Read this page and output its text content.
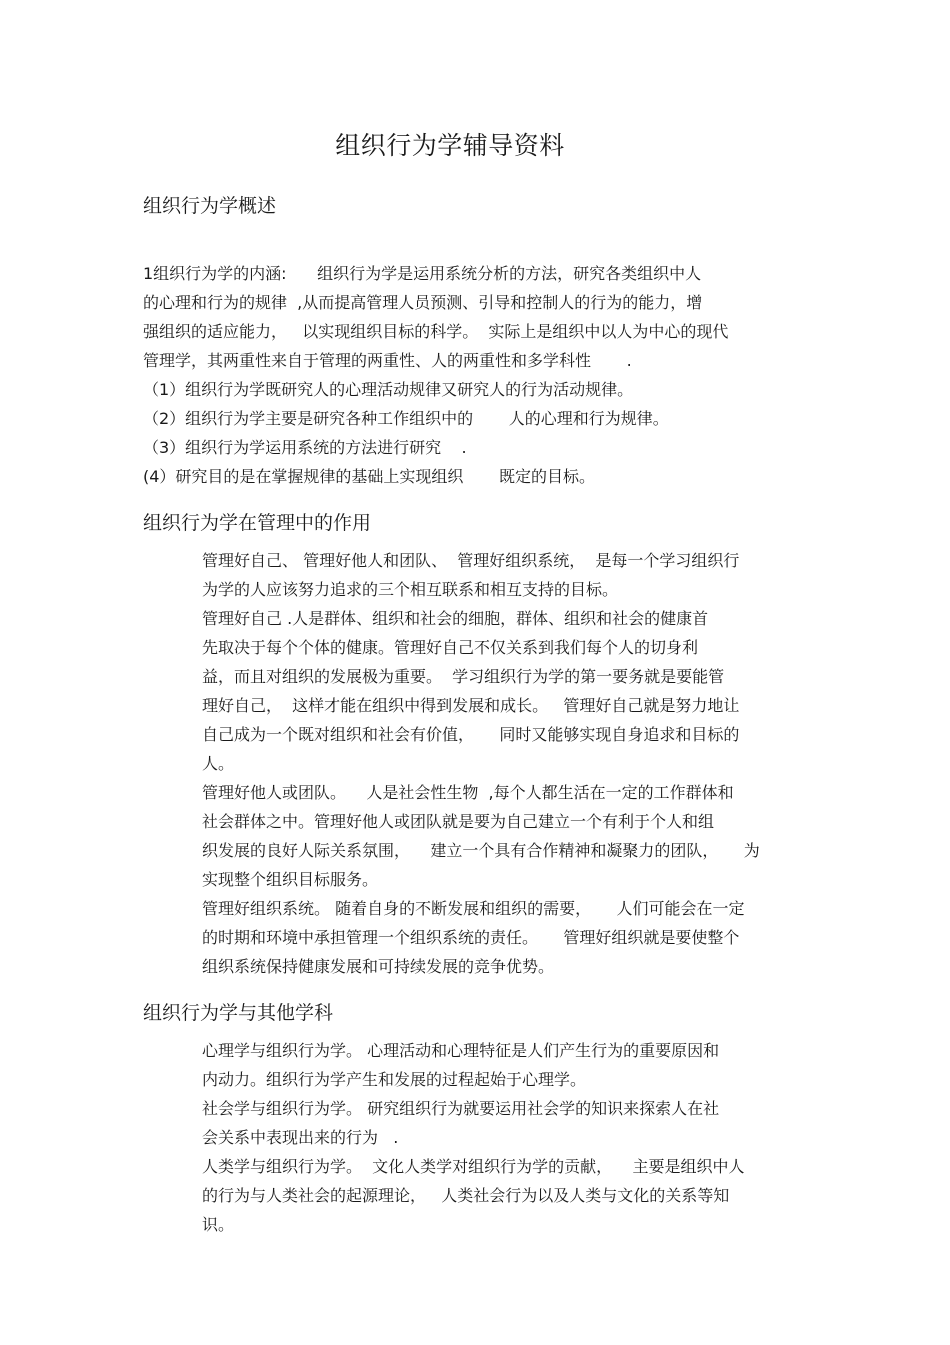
组织行为学辅导资料
组织行为学概述
1组织行为学的内涵:      组织行为学是运用系统分析的方法，研究各类组织中人
的心理和行为的规律  ,从而提高管理人员预测、引导和控制人的行为的能力，增
强组织的适应能力，   以实现组织目标的科学。  实际上是组织中以人为中心的现代
管理学，其两重性来自于管理的两重性、人的两重性和多学科性       .
（1）组织行为学既研究人的心理活动规律又研究人的行为活动规律。
（2）组织行为学主要是研究各种工作组织中的       人的心理和行为规律。
（3）组织行为学运用系统的方法进行研究    .
(4）研究目的是在掌握规律的基础上实现组织       既定的目标。
组织行为学在管理中的作用
管理好自己、 管理好他人和团队、  管理好组织系统，  是每一个学习组织行
为学的人应该努力追求的三个相互联系和相互支持的目标。
管理好自己 .人是群体、组织和社会的细胞，群体、组织和社会的健康首
先取决于每个个体的健康。管理好自己不仅关系到我们每个人的切身利
益，而且对组织的发展极为重要。  学习组织行为学的第一要务就是要能管
理好自己，  这样才能在组织中得到发展和成长。   管理好自己就是努力地让
自己成为一个既对组织和社会有价值，     同时又能够实现自身追求和目标的
人。
管理好他人或团队。    人是社会性生物  ,每个人都生活在一定的工作群体和
社会群体之中。管理好他人或团队就是要为自己建立一个有利于个人和组
织发展的良好人际关系氛围，    建立一个具有合作精神和凝聚力的团队，     为
实现整个组织目标服务。
管理好组织系统。 随着自身的不断发展和组织的需要，     人们可能会在一定
的时期和环境中承担管理一个组织系统的责任。     管理好组织就是要使整个
组织系统保持健康发展和可持续发展的竞争优势。
组织行为学与其他学科
心理学与组织行为学。 心理活动和心理特征是人们产生行为的重要原因和
内动力。组织行为学产生和发展的过程起始于心理学。
社会学与组织行为学。 研究组织行为就要运用社会学的知识来探索人在社
会关系中表现出来的行为   .
人类学与组织行为学。  文化人类学对组织行为学的贡献，    主要是组织中人
的行为与人类社会的起源理论，   人类社会行为以及人类与文化的关系等知
识。
